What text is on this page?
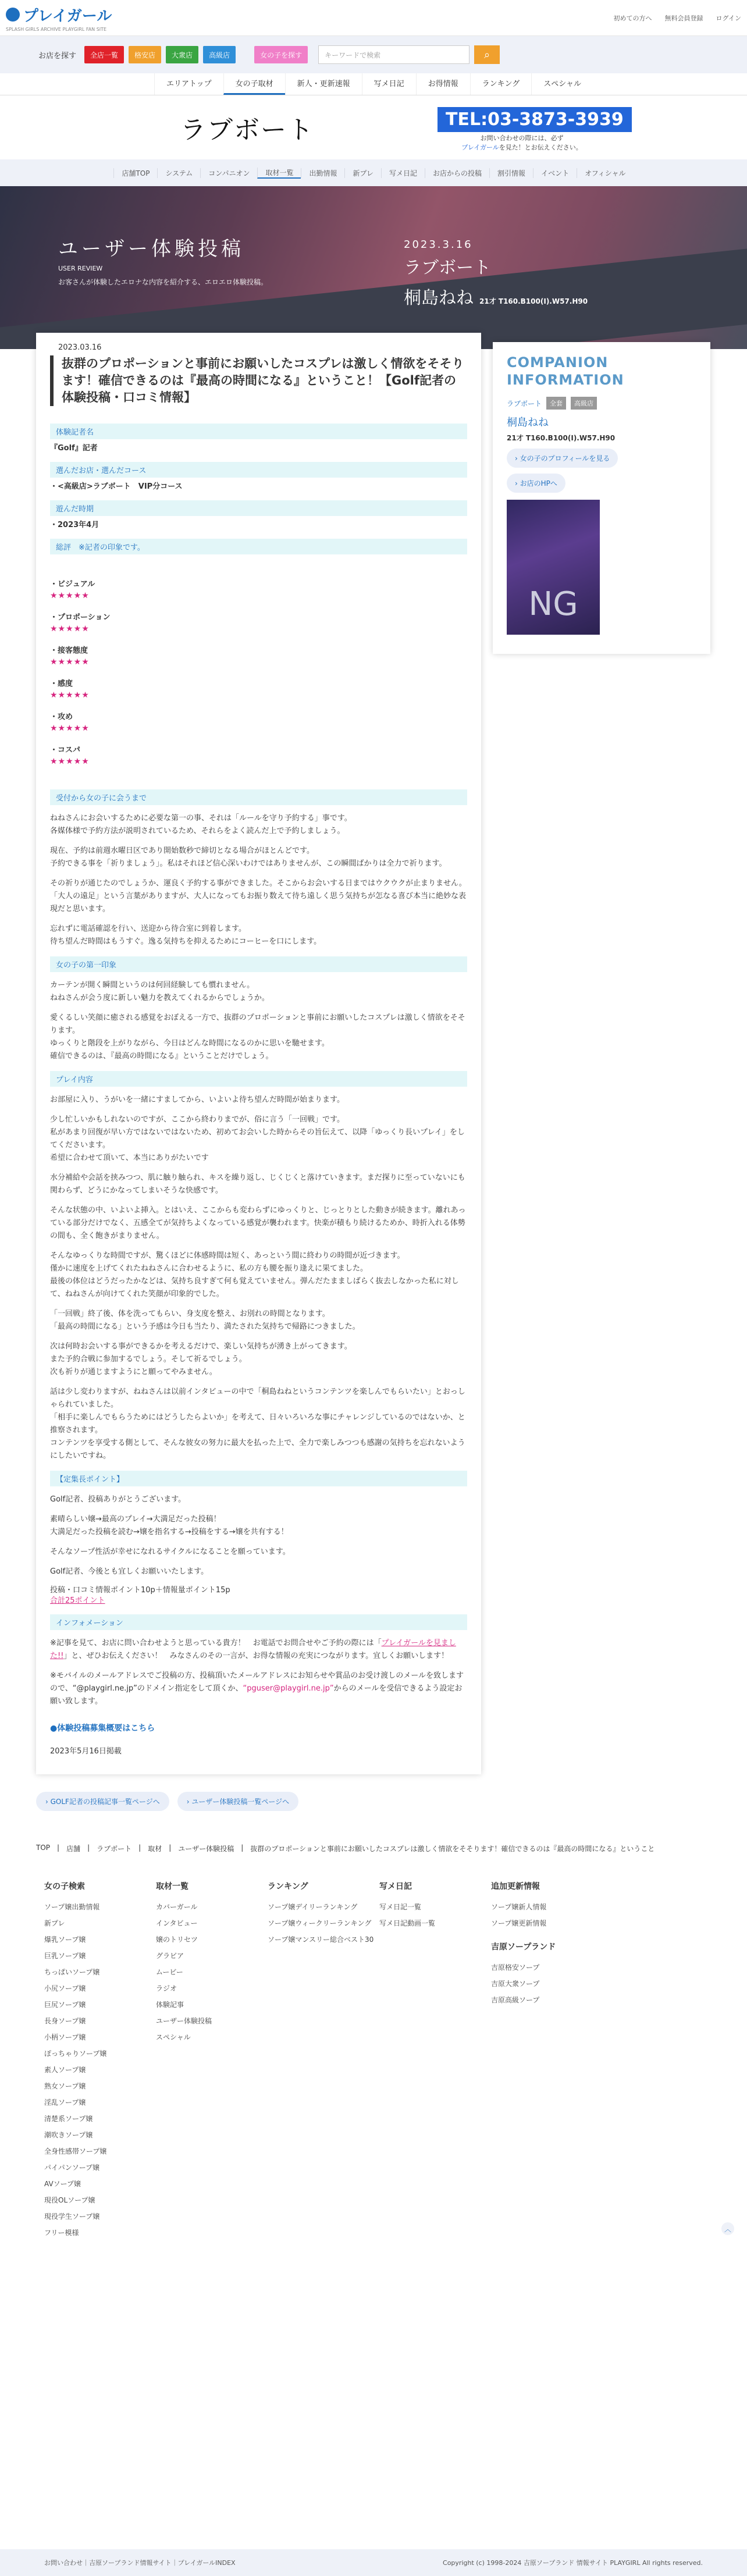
プレイガール
SPLASH GIRLS ARCHIVE PLAYGIRL FAN SITE
初めての方へ 無料会員登録 ログイン
お店を探す	全店一覧	格安店	大衆店	高級店	女の子を探す	キーワードで検索	⌕
エリアトップ	女の子取材	新人・更新速報	写メ日記	お得情報	ランキング	スペシャル
ラブボート	TEL:03-3873-3939
お問い合わせの際には、必ず
プレイガールを見た！とお伝えください。
店舗TOP	システム	コンパニオン	取材一覧	出勤情報	新プレ	写メ日記	お店からの投稿	割引情報	イベント	オフィシャル
ユーザー体験投稿
USER REVIEW
お客さんが体験したエロナな内容を紹介する、エロエロ体験投稿。
2023.3.16
ラブボート
桐島ねね 21才 T160.B100(I).W57.H90
2023.03.16
抜群のプロポーションと事前にお願いしたコスプレは激しく情欲をそそります！確信できるのは『最高の時間になる』ということ！【Golf記者の体験投稿・口コミ情報】
体験記者名
『Golf』記者
選んだお店・選んだコース
・<高級店>ラブボート　VIP分コース
遊んだ時期
・2023年4月
総評　※記者の印象です。
・ビジュアル
★★★★★
・プロポーション
★★★★★
・接客態度
★★★★★
・感度
★★★★★
・攻め
★★★★★
・コスパ
★★★★★
受付から女の子に会うまで
ねねさんにお会いするために必要な第一の事、それは「ルールを守り予約する」事です。
各媒体様で予約方法が説明されているため、それらをよく読んだ上で予約しましょう。
現在、予約は前週水曜日区であり開始数秒で締切となる場合がほとんどです。
予約できる事を「祈りましょう」。私はそれほど信心深いわけではありませんが、この瞬間ばかりは全力で祈ります。
その祈りが通じたのでしょうか、運良く予約する事ができました。そこからお会いする日まではウクウクが止まりません。
「大人の遠足」という言葉がありますが、大人になってもお振り数えて待ち遠しく思う気持ちが怎なる喜び本当に絶妙な表現だと思います。
忘れずに電話確認を行い、送迎から待合室に到着します。
待ち望んだ時間はもうすぐ。逸る気持ちを抑えるためにコーヒーを口にします。
女の子の第一印象
カーテンが開く瞬間というのは何回経験しても慣れません。
ねねさんが会う度に新しい魅力を教えてくれるからでしょうか。
愛くるしい笑顔に癒される感覚をおぼえる一方で、抜群のプロポーションと事前にお願いしたコスプレは激しく情欲をそそります。
ゆっくりと階段を上がりながら、今日はどんな時間になるのかに思いを馳せます。
確信できるのは、『最高の時間になる』ということだけでしょう。
プレイ内容
お部屋に入り、うがいを一緒にすましてから、いよいよ待ち望んだ時間が始まります。
少し忙しいかもしれないのですが、ここから終わりまでが、俗に言う「一回戦」です。
私があまり回復が早い方ではないではないため、初めてお会いした時からその旨伝えて、以降「ゆっくり長いプレイ」をしてくださいます。
希望に合わせて頂いて、本当にありがたいです
水分補給や会話を挟みつつ、肌に触り触られ、キスを繰り返し、じくじくと落けていきます。まだ探りに至っていないにも関わらず、どうにかなってしまいそうな快感です。
そんな状態の中、いよいよ挿入。とはいえ、ここからも変わらずにゆっくりと、じっとりとした動きが続きます。離れあっている部分だけでなく、五感全てが気持ちよくなっている感覚が襲われます。快楽が積もり続けるためか、時折入れる体勢の間も、全く飽きがまりません。
そんなゆっくりな時間ですが、驚くほどに体感時間は短く、あっという間に終わりの時間が近づきます。
僅かに速度を上げてくれたねねさんに合わせるように、私の方も腰を振り逢えに果てました。
最後の体位はどうだったかなどは、気持ち良すぎて何も覚えていません。弾んだたまましばらく抜去しなかった私に対して、ねねさんが向けてくれた笑顔が印象的でした。
「一回戦」終了後、体を洗ってもらい、身支度を整え、お別れの時間となります。
「最高の時間になる」という予感は今日も当たり、満たされた気持ちで帰路につきました。
次は何時お会いする事ができるかを考えるだけで、楽しい気持ちが湧き上がってきます。
また予約合戦に参加するでしょう。そして祈るでしょう。
次も祈りが通じますようにと願ってやみません。
話は少し変わりますが、ねねさんは以前インタビューの中で「桐島ねねというコンテンツを楽しんでもらいたい」とおっしゃられていました。
「相手に楽しんでもらうためにはどうしたらよいか」を考えて、日々いろいろな事にチャレンジしているのではないか、と推察されます。
コンテンツを享受する側として、そんな彼女の努力に最大を払った上で、全力で楽しみつつも感謝の気持ちを忘れないようにしたいですね。
【定集長ポイント】
Golf記者、投稿ありがとうございます。
素晴らしい嬢→最高のプレイ→大満足だった投稿！
大満足だった投稿を読む→嬢を指名する→投稿をする→嬢を共有する！
そんなソープ性活が幸せになれるサイクルになることを願っています。
Golf記者、今後とも宜しくお願いいたします。
投稿・口コミ情報ポイント10p＋情報量ポイント15p
合計25ポイント
インフォメーション
※記事を見て、お店に問い合わせようと思っている貴方！　お電話でお問合せやご予約の際には「プレイガールを見ました!!」と、ぜひお伝えください！　みなさんのその一言が、お得な情報の充実につながります。宜しくお願いします！
※モバイルのメールアドレスでご投稿の方、投稿頂いたメールアドレスにお知らせや賞品のお受け渡しのメールを致しますので、“@playgirl.ne.jp”のドメイン指定をして頂くか、“pguser@playgirl.ne.jp”からのメールを受信できるよう設定お願い致します。
●体験投稿募集概要はこちら
2023年5月16日掲載
COMPANION INFORMATION
ラブボート	全套	高級店
桐島ねね
21才 T160.B100(I).W57.H90
› 女の子のプロフィールを見る
› お店のHPへ
NG
› GOLF記者の投稿記事一覧ページへ	› ユーザー体験投稿一覧ページへ
TOP | 店舗 | ラブボート | 取材 | ユーザー体験投稿 | 抜群のプロポーションと事前にお願いしたコスプレは激しく情欲をそそります！確信できるのは『最高の時間になる』ということ
女の子検索
ソープ嬢出勤情報
新プレ
爆乳ソープ嬢
巨乳ソープ嬢
ちっぱいソープ嬢
小尻ソープ嬢
巨尻ソープ嬢
長身ソープ嬢
小柄ソープ嬢
ぽっちゃりソープ嬢
素人ソープ嬢
熟女ソープ嬢
淫乱ソープ嬢
清楚系ソープ嬢
潮吹きソープ嬢
全身性感帯ソープ嬢
パイパンソープ嬢
AVソープ嬢
現役OLソープ嬢
現役学生ソープ嬢
フリー模様
取材一覧
カバーガール
インタビュー
嬢のトリセツ
グラビア
ムービー
ラジオ
体験記事
ユーザー体験投稿
スペシャル
ランキング
ソープ嬢デイリーランキング
ソープ嬢ウィークリーランキング
ソープ嬢マンスリー総合ベスト30
写メ日記
写メ日記一覧
写メ日記動画一覧
追加更新情報
ソープ嬢新人情報
ソープ嬢更新情報
吉原ソープランド
吉原格安ソープ
吉原大衆ソープ
吉原高級ソープ
︿
お問い合わせ｜吉原ソープランド情報サイト｜プレイガールINDEX	Copyright (c) 1998-2024 吉原ソープランド 情報サイト PLAYGIRL All rights reserved.
